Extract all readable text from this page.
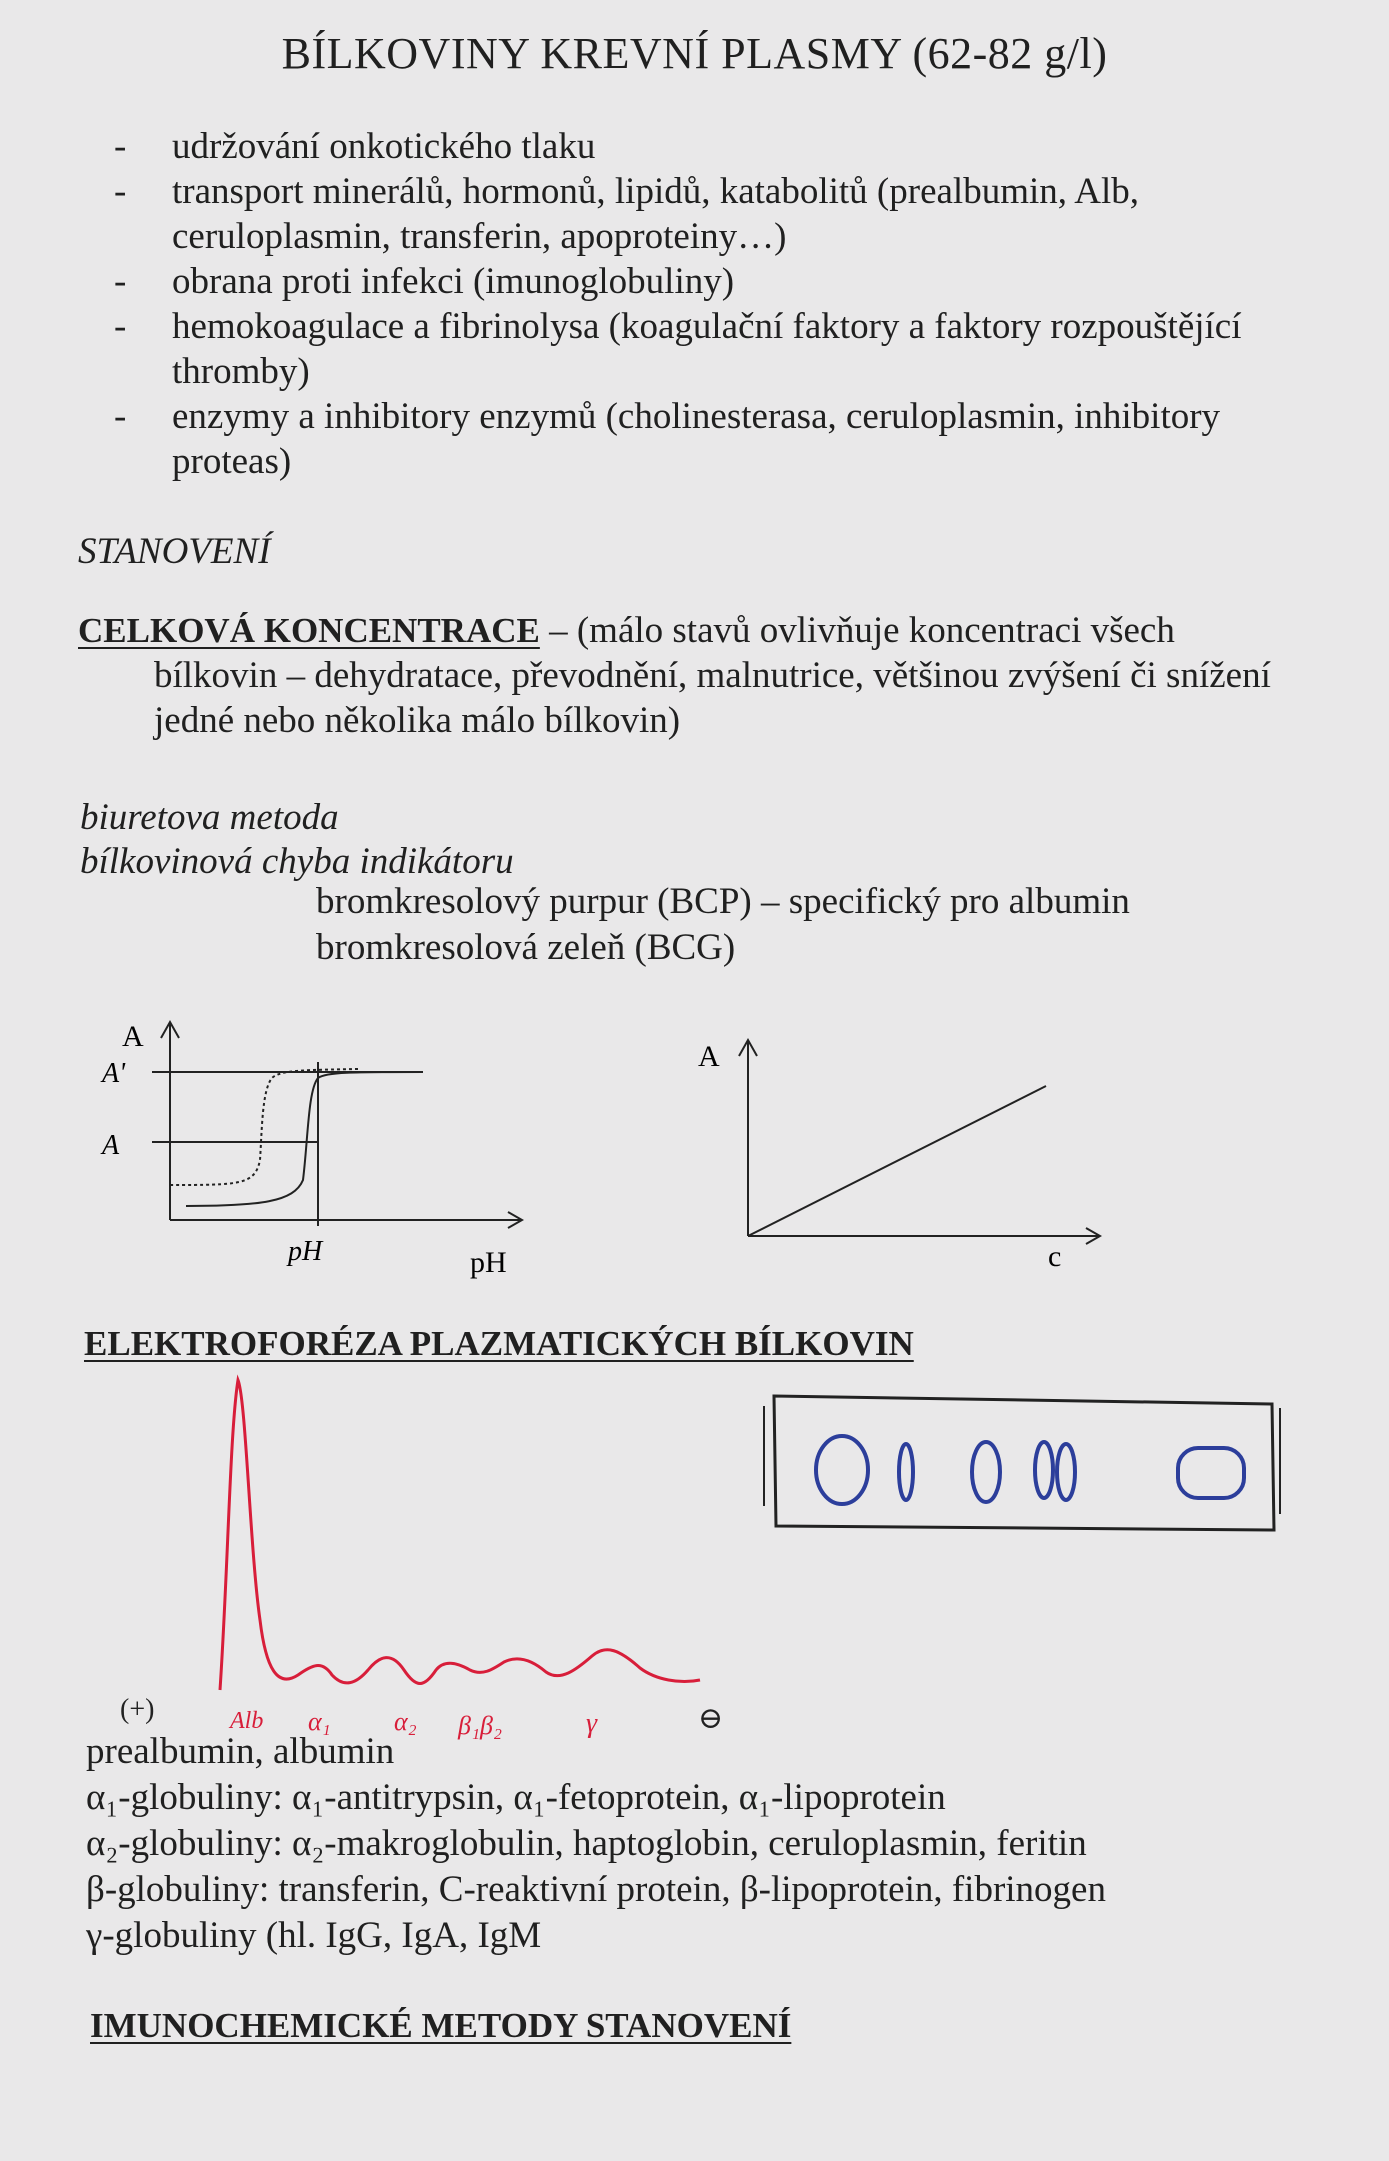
BÍLKOVINY KREVNÍ PLASMY (62-82 g/l)
- udržování onkotického tlaku
- transport minerálů, hormonů, lipidů, katabolitů (prealbumin, Alb, ceruloplasmin, transferin, apoproteiny…)
- obrana proti infekci (imunoglobuliny)
- hemokoagulace a fibrinolysa (koagulační faktory a faktory rozpouštějící thromby)
- enzymy a inhibitory enzymů (cholinesterasa, ceruloplasmin, inhibitory proteas)
STANOVENÍ
CELKOVÁ KONCENTRACE – (málo stavů ovlivňuje koncentraci všech
bílkovin – dehydratace, převodnění, malnutrice, většinou zvýšení či snížení jedné nebo několika málo bílkovin)
biuretova metoda
bílkovinová chyba indikátoru
bromkresolový purpur (BCP) – specifický pro albumin
bromkresolová zeleň (BCG)
A
A'
A
pH	pH
A
c
ELEKTROFORÉZA PLAZMATICKÝCH BÍLKOVIN
(+)	Alb α₁ α₂ β₁β₂	γ	⊖
prealbumin, albumin
α₁-globuliny: α₁-antitrypsin, α₁-fetoprotein, α₁-lipoprotein
α₂-globuliny: α₂-makroglobulin, haptoglobin, ceruloplasmin, feritin
β-globuliny: transferin, C-reaktivní protein, β-lipoprotein, fibrinogen
γ-globuliny (hl. IgG, IgA, IgM
IMUNOCHEMICKÉ METODY STANOVENÍ
